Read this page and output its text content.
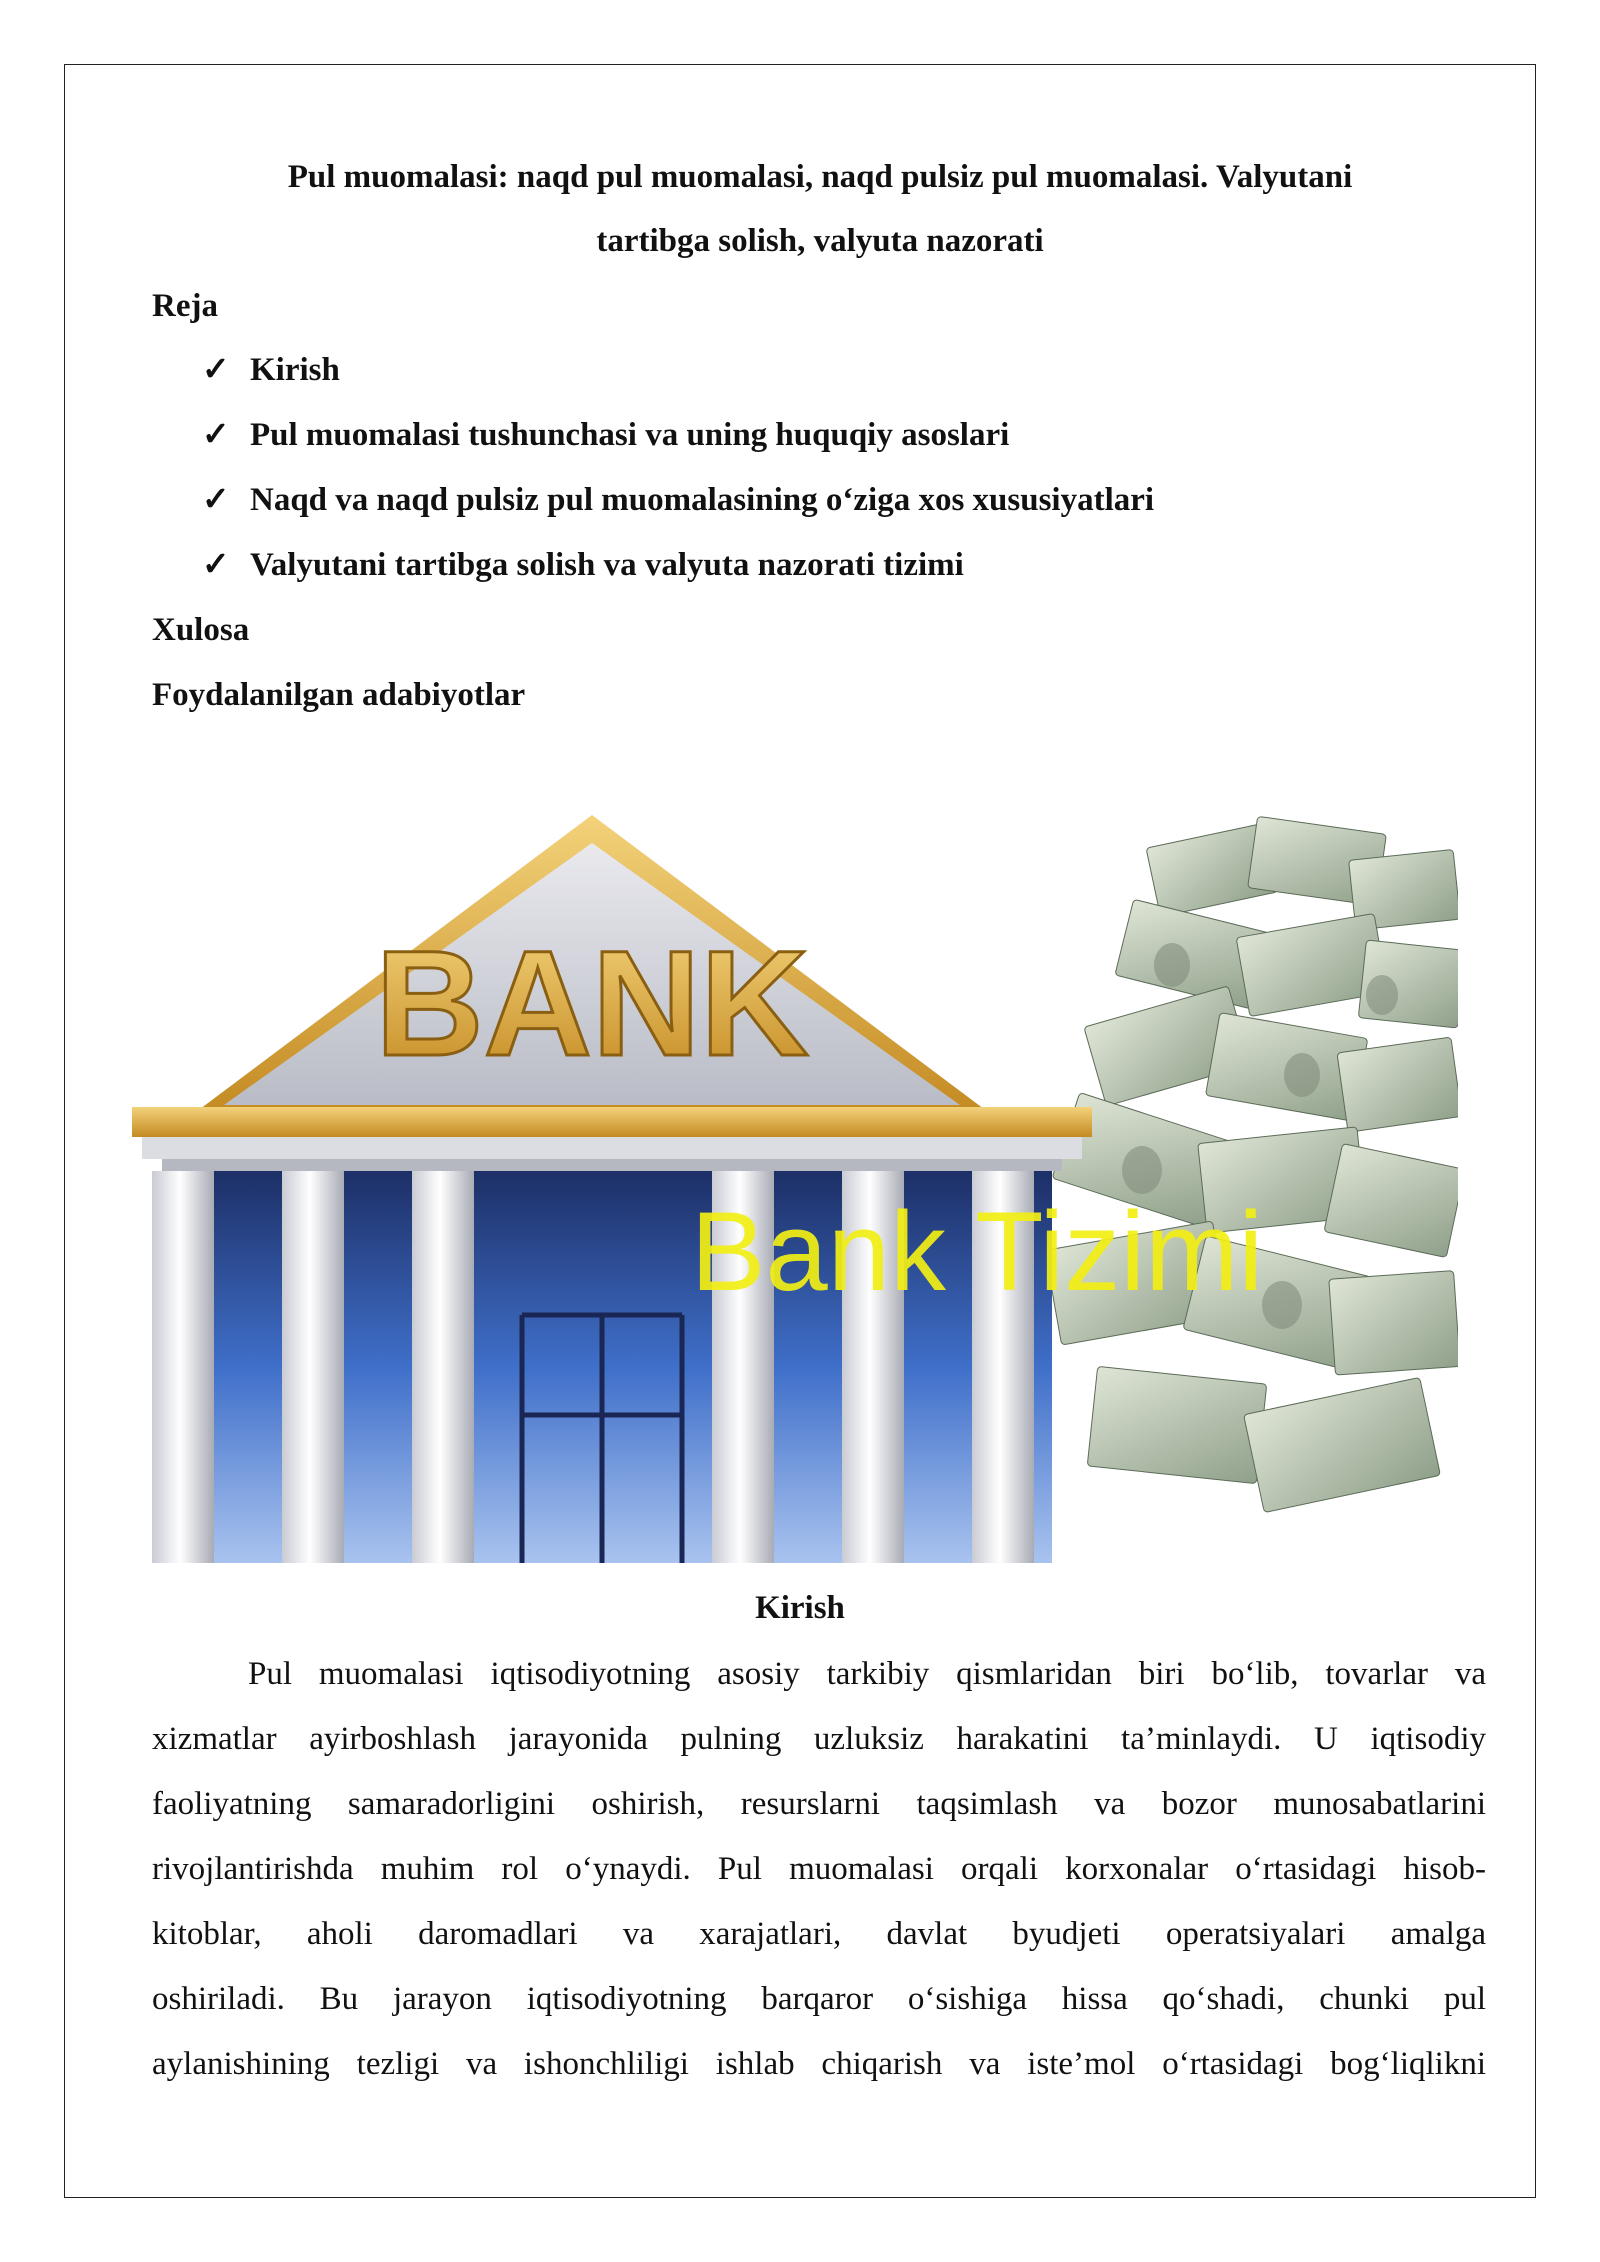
Pul muomalasi: naqd pul muomalasi, naqd pulsiz pul muomalasi. Valyutani
tartibga solish, valyuta nazorati
Reja
✓ Kirish
✓ Pul muomalasi tushunchasi va uning huquqiy asoslari
✓ Naqd va naqd pulsiz pul muomalasining o‘ziga xos xususiyatlari
✓ Valyutani tartibga solish va valyuta nazorati tizimi
Xulosa
Foydalanilgan adabiyotlar
BANK
Bank Tizimi
Kirish
Pul muomalasi iqtisodiyotning asosiy tarkibiy qismlaridan biri bo‘lib, tovarlar va
xizmatlar ayirboshlash jarayonida pulning uzluksiz harakatini ta’minlaydi. U iqtisodiy
faoliyatning samaradorligini oshirish, resurslarni taqsimlash va bozor munosabatlarini
rivojlantirishda muhim rol o‘ynaydi. Pul muomalasi orqali korxonalar o‘rtasidagi hisob-
kitoblar, aholi daromadlari va xarajatlari, davlat byudjeti operatsiyalari amalga
oshiriladi. Bu jarayon iqtisodiyotning barqaror o‘sishiga hissa qo‘shadi, chunki pul
aylanishining tezligi va ishonchliligi ishlab chiqarish va iste’mol o‘rtasidagi bog‘liqlikni
